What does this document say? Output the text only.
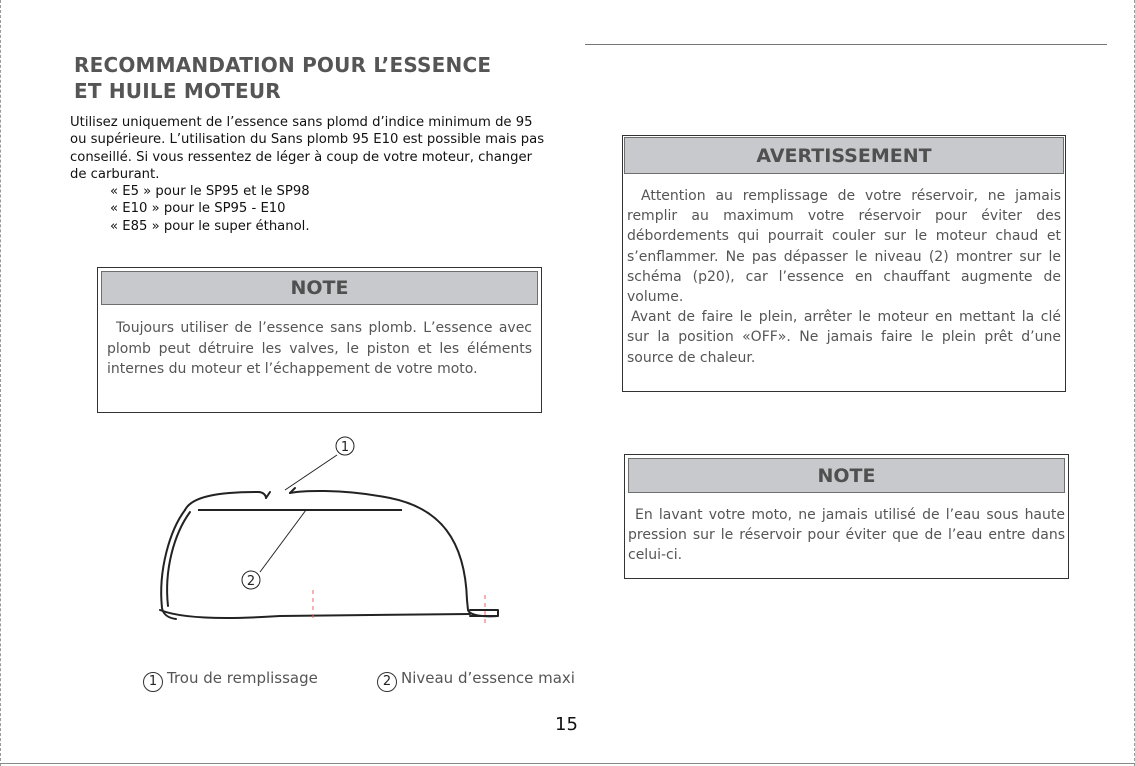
RECOMMANDATION POUR L’ESSENCE
ET HUILE MOTEUR

Utilisez uniquement de l’essence sans plomd d’indice minimum de 95 ou supérieure. L’utilisation du Sans plomb 95 E10 est possible mais pas conseillé. Si vous ressentez de léger à coup de votre moteur, changer de carburant.

« E5 » pour le SP95 et le SP98
« E10 » pour le SP95 - E10
« E85 » pour le super éthanol.
NOTE
Toujours utiliser de l’essence sans plomb. L’essence avec plomb peut détruire les valves, le piston et les éléments internes du moteur et l’échappement de votre moto.
AVERTISSEMENT

Attention au remplissage de votre réservoir, ne jamais remplir au maximum votre réservoir pour éviter des débordements qui pourrait couler sur le moteur chaud et s’enflammer. Ne pas dépasser le niveau (2) montrer sur le schéma (p20), car l’essence en chauffant augmente de volume.

Avant de faire le plein, arrêter le moteur en mettant la clé sur la position «OFF». Ne jamais faire le plein prêt d’une source de chaleur.

NOTE
En lavant votre moto, ne jamais utilisé de l’eau sous haute pression sur le réservoir pour éviter que de l’eau entre dans celui-ci.
1
2
1 Trou de remplissage	2 Niveau d’essence maxi
15
